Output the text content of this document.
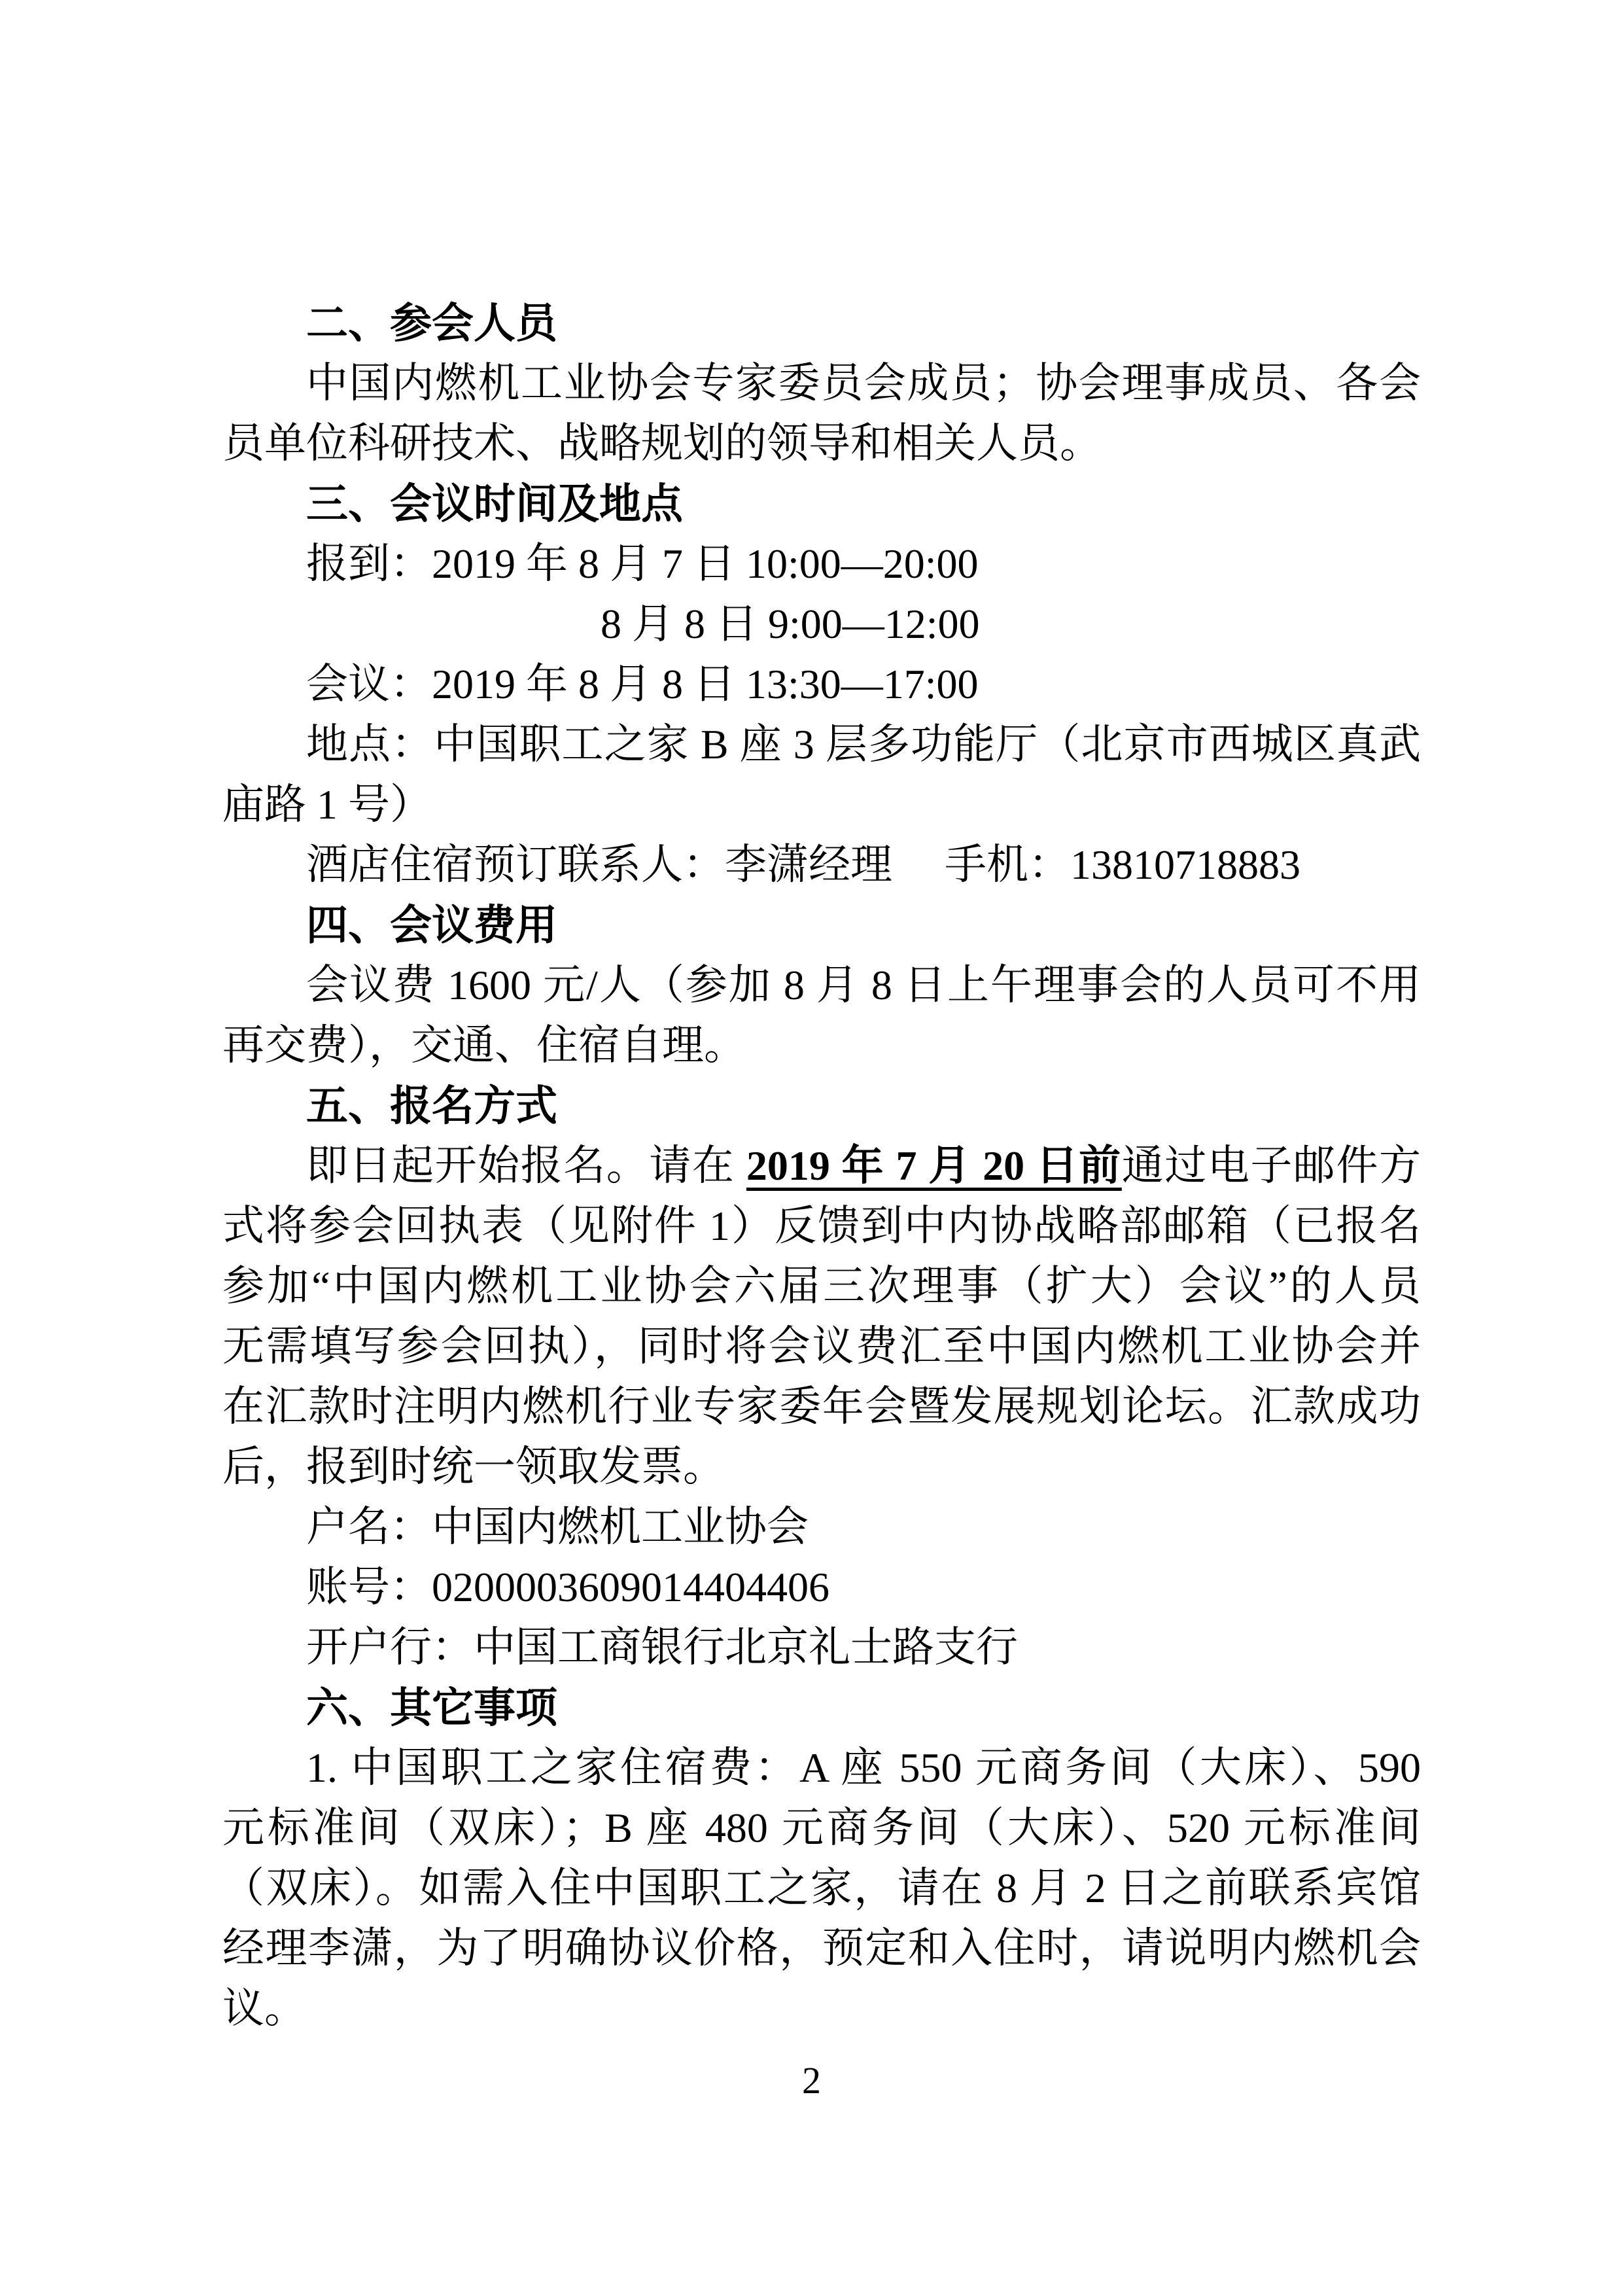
二、参会人员
中国内燃机工业协会专家委员会成员；协会理事成员、各会
员单位科研技术、战略规划的领导和相关人员。
三、会议时间及地点
报到：2019 年 8 月 7 日 10:00—20:00
8 月 8 日 9:00—12:00
会议：2019 年 8 月 8 日 13:30—17:00
地点：中国职工之家 B 座 3 层多功能厅（北京市西城区真武
庙路 1 号）
酒店住宿预订联系人：李潇经理　 手机：13810718883
四、会议费用
会议费 1600 元/人（参加 8 月 8 日上午理事会的人员可不用
再交费），交通、住宿自理。
五、报名方式
即日起开始报名。请在 2019 年 7 月 20 日前通过电子邮件方
式将参会回执表（见附件 1）反馈到中内协战略部邮箱（已报名
参加“中国内燃机工业协会六届三次理事（扩大）会议”的人员
无需填写参会回执），同时将会议费汇至中国内燃机工业协会并
在汇款时注明内燃机行业专家委年会暨发展规划论坛。汇款成功
后，报到时统一领取发票。
户名：中国内燃机工业协会
账号：0200003609014404406
开户行：中国工商银行北京礼士路支行
六、其它事项
1. 中国职工之家住宿费：A 座 550 元商务间（大床）、590
元标准间（双床）；B 座 480 元商务间（大床）、520 元标准间
（双床）。如需入住中国职工之家，请在 8 月 2 日之前联系宾馆
经理李潇，为了明确协议价格，预定和入住时，请说明内燃机会
议。
2
